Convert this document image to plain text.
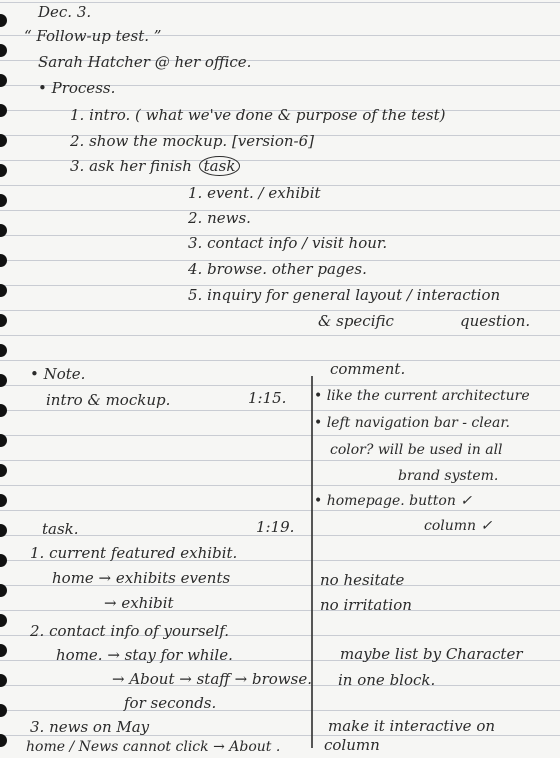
Dec. 3.
“ Follow-up test. ”
Sarah Hatcher @ her office.
• Process.
1. intro. ( what we've done & purpose of the test)
2. show the mockup. [version-6]
3. ask her finish task
1. event. / exhibit
2. news.
3. contact info / visit hour.
4. browse. other pages.
5. inquiry for general layout / interaction
& specific	question.
• Note.	comment.
intro & mockup.	1:15. • like the current architecture
• left navigation bar - clear.
color? will be used in all
brand system.
• homepage. button ✓
column ✓
task.	1:19.
1. current featured exhibit.
home → exhibits events
→ exhibit
2. contact info of yourself.
home. → stay for while.
→ About → staff → browse.
for seconds.
3. news on May
home / News cannot click → About .
no hesitate
no irritation
maybe list by Character
in one block.
make it interactive on
column
